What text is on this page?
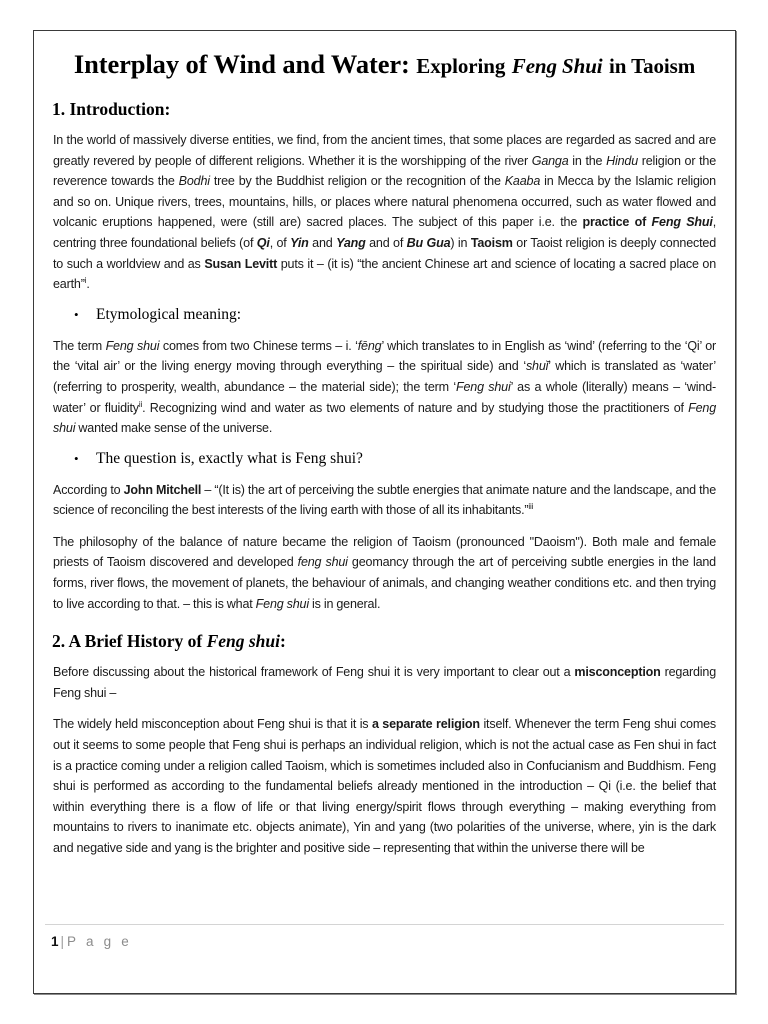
Interplay of Wind and Water: Exploring Feng Shui in Taoism
1. Introduction:

In the world of massively diverse entities, we find, from the ancient times, that some places are regarded as sacred and are greatly revered by people of different religions. Whether it is the worshipping of the river Ganga in the Hindu religion or the reverence towards the Bodhi tree by the Buddhist religion or the recognition of the Kaaba in Mecca by the Islamic religion and so on. Unique rivers, trees, mountains, hills, or places where natural phenomena occurred, such as water flowed and volcanic eruptions happened, were (still are) sacred places. The subject of this paper i.e. the practice of Feng Shui, centring three foundational beliefs (of Qi, of Yin and Yang and of Bu Gua) in Taoism or Taoist religion is deeply connected to such a worldview and as Susan Levitt puts it – (it is) “the ancient Chinese art and science of locating a sacred place on earth”$^i$.

•	Etymological meaning:

The term Feng shui comes from two Chinese terms – i. ‘fēng’ which translates to in English as ‘wind’ (referring to the ‘Qi’ or the ‘vital air’ or the living energy moving through everything – the spiritual side) and ‘shuǐ’ which is translated as ‘water’ (referring to prosperity, wealth, abundance – the material side); the term ‘Feng shui’ as a whole (literally) means – ‘wind-water’ or fluidity$^{ii}$. Recognizing wind and water as two elements of nature and by studying those the practitioners of Feng shui wanted make sense of the universe.

•	The question is, exactly what is Feng shui?

According to John Mitchell – “(It is) the art of perceiving the subtle energies that animate nature and the landscape, and the science of reconciling the best interests of the living earth with those of all its inhabitants.”$^{iii}$

The philosophy of the balance of nature became the religion of Taoism (pronounced "Daoism"). Both male and female priests of Taoism discovered and developed feng shui geomancy through the art of perceiving subtle energies in the land forms, river flows, the movement of planets, the behaviour of animals, and changing weather conditions etc. and then trying to live according to that. – this is what Feng shui is in general.

2. A Brief History of Feng shui:

Before discussing about the historical framework of Feng shui it is very important to clear out a misconception regarding Feng shui –

The widely held misconception about Feng shui is that it is a separate religion itself. Whenever the term Feng shui comes out it seems to some people that Feng shui is perhaps an individual religion, which is not the actual case as Fen shui in fact is a practice coming under a religion called Taoism, which is sometimes included also in Confucianism and Buddhism. Feng shui is performed as according to the fundamental beliefs already mentioned in the introduction – Qi (i.e. the belief that within everything there is a flow of life or that living energy/spirit flows through everything – making everything from mountains to rivers to inanimate etc. objects animate), Yin and yang (two polarities of the universe, where, yin is the dark and negative side and yang is the brighter and positive side – representing that within the universe there will be

1 | P a g e
